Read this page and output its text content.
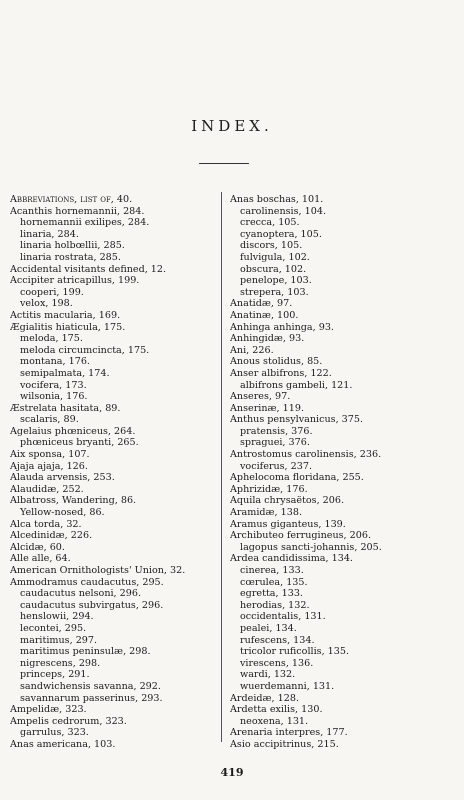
INDEX.
Abbreviations, list of, 40.
Acanthis hornemannii, 284.
hornemannii exilipes, 284.
linaria, 284.
linaria holbœllii, 285.
linaria rostrata, 285.
Accidental visitants defined, 12.
Accipiter atricapillus, 199.
cooperi, 199.
velox, 198.
Actitis macularia, 169.
Ægialitis hiaticula, 175.
meloda, 175.
meloda circumcincta, 175.
montana, 176.
semipalmata, 174.
vocifera, 173.
wilsonia, 176.
Æstrelata hasitata, 89.
scalaris, 89.
Agelaius phœniceus, 264.
phœniceus bryanti, 265.
Aix sponsa, 107.
Ajaja ajaja, 126.
Alauda arvensis, 253.
Alaudidæ, 252.
Albatross, Wandering, 86.
Yellow-nosed, 86.
Alca torda, 32.
Alcedinidæ, 226.
Alcidæ, 60.
Alle alle, 64.
American Ornithologists' Union, 32.
Ammodramus caudacutus, 295.
caudacutus nelsoni, 296.
caudacutus subvirgatus, 296.
henslowii, 294.
lecontei, 295.
maritimus, 297.
maritimus peninsulæ, 298.
nigrescens, 298.
princeps, 291.
sandwichensis savanna, 292.
savannarum passerinus, 293.
Ampelidæ, 323.
Ampelis cedrorum, 323.
garrulus, 323.
Anas americana, 103.
Anas boschas, 101.
carolinensis, 104.
crecca, 105.
cyanoptera, 105.
discors, 105.
fulvigula, 102.
obscura, 102.
penelope, 103.
strepera, 103.
Anatidæ, 97.
Anatinæ, 100.
Anhinga anhinga, 93.
Anhingidæ, 93.
Ani, 226.
Anous stolidus, 85.
Anser albifrons, 122.
albifrons gambeli, 121.
Anseres, 97.
Anserinæ, 119.
Anthus pensylvanicus, 375.
pratensis, 376.
spraguei, 376.
Antrostomus carolinensis, 236.
vociferus, 237.
Aphelocoma floridana, 255.
Aphrizidæ, 176.
Aquila chrysaëtos, 206.
Aramidæ, 138.
Aramus giganteus, 139.
Archibuteo ferrugineus, 206.
lagopus sancti-johannis, 205.
Ardea candidissima, 134.
cinerea, 133.
cœrulea, 135.
egretta, 133.
herodias, 132.
occidentalis, 131.
pealei, 134.
rufescens, 134.
tricolor ruficollis, 135.
virescens, 136.
wardi, 132.
wuerdemanni, 131.
Ardeidæ, 128.
Ardetta exilis, 130.
neoxena, 131.
Arenaria interpres, 177.
Asio accipitrinus, 215.
419
